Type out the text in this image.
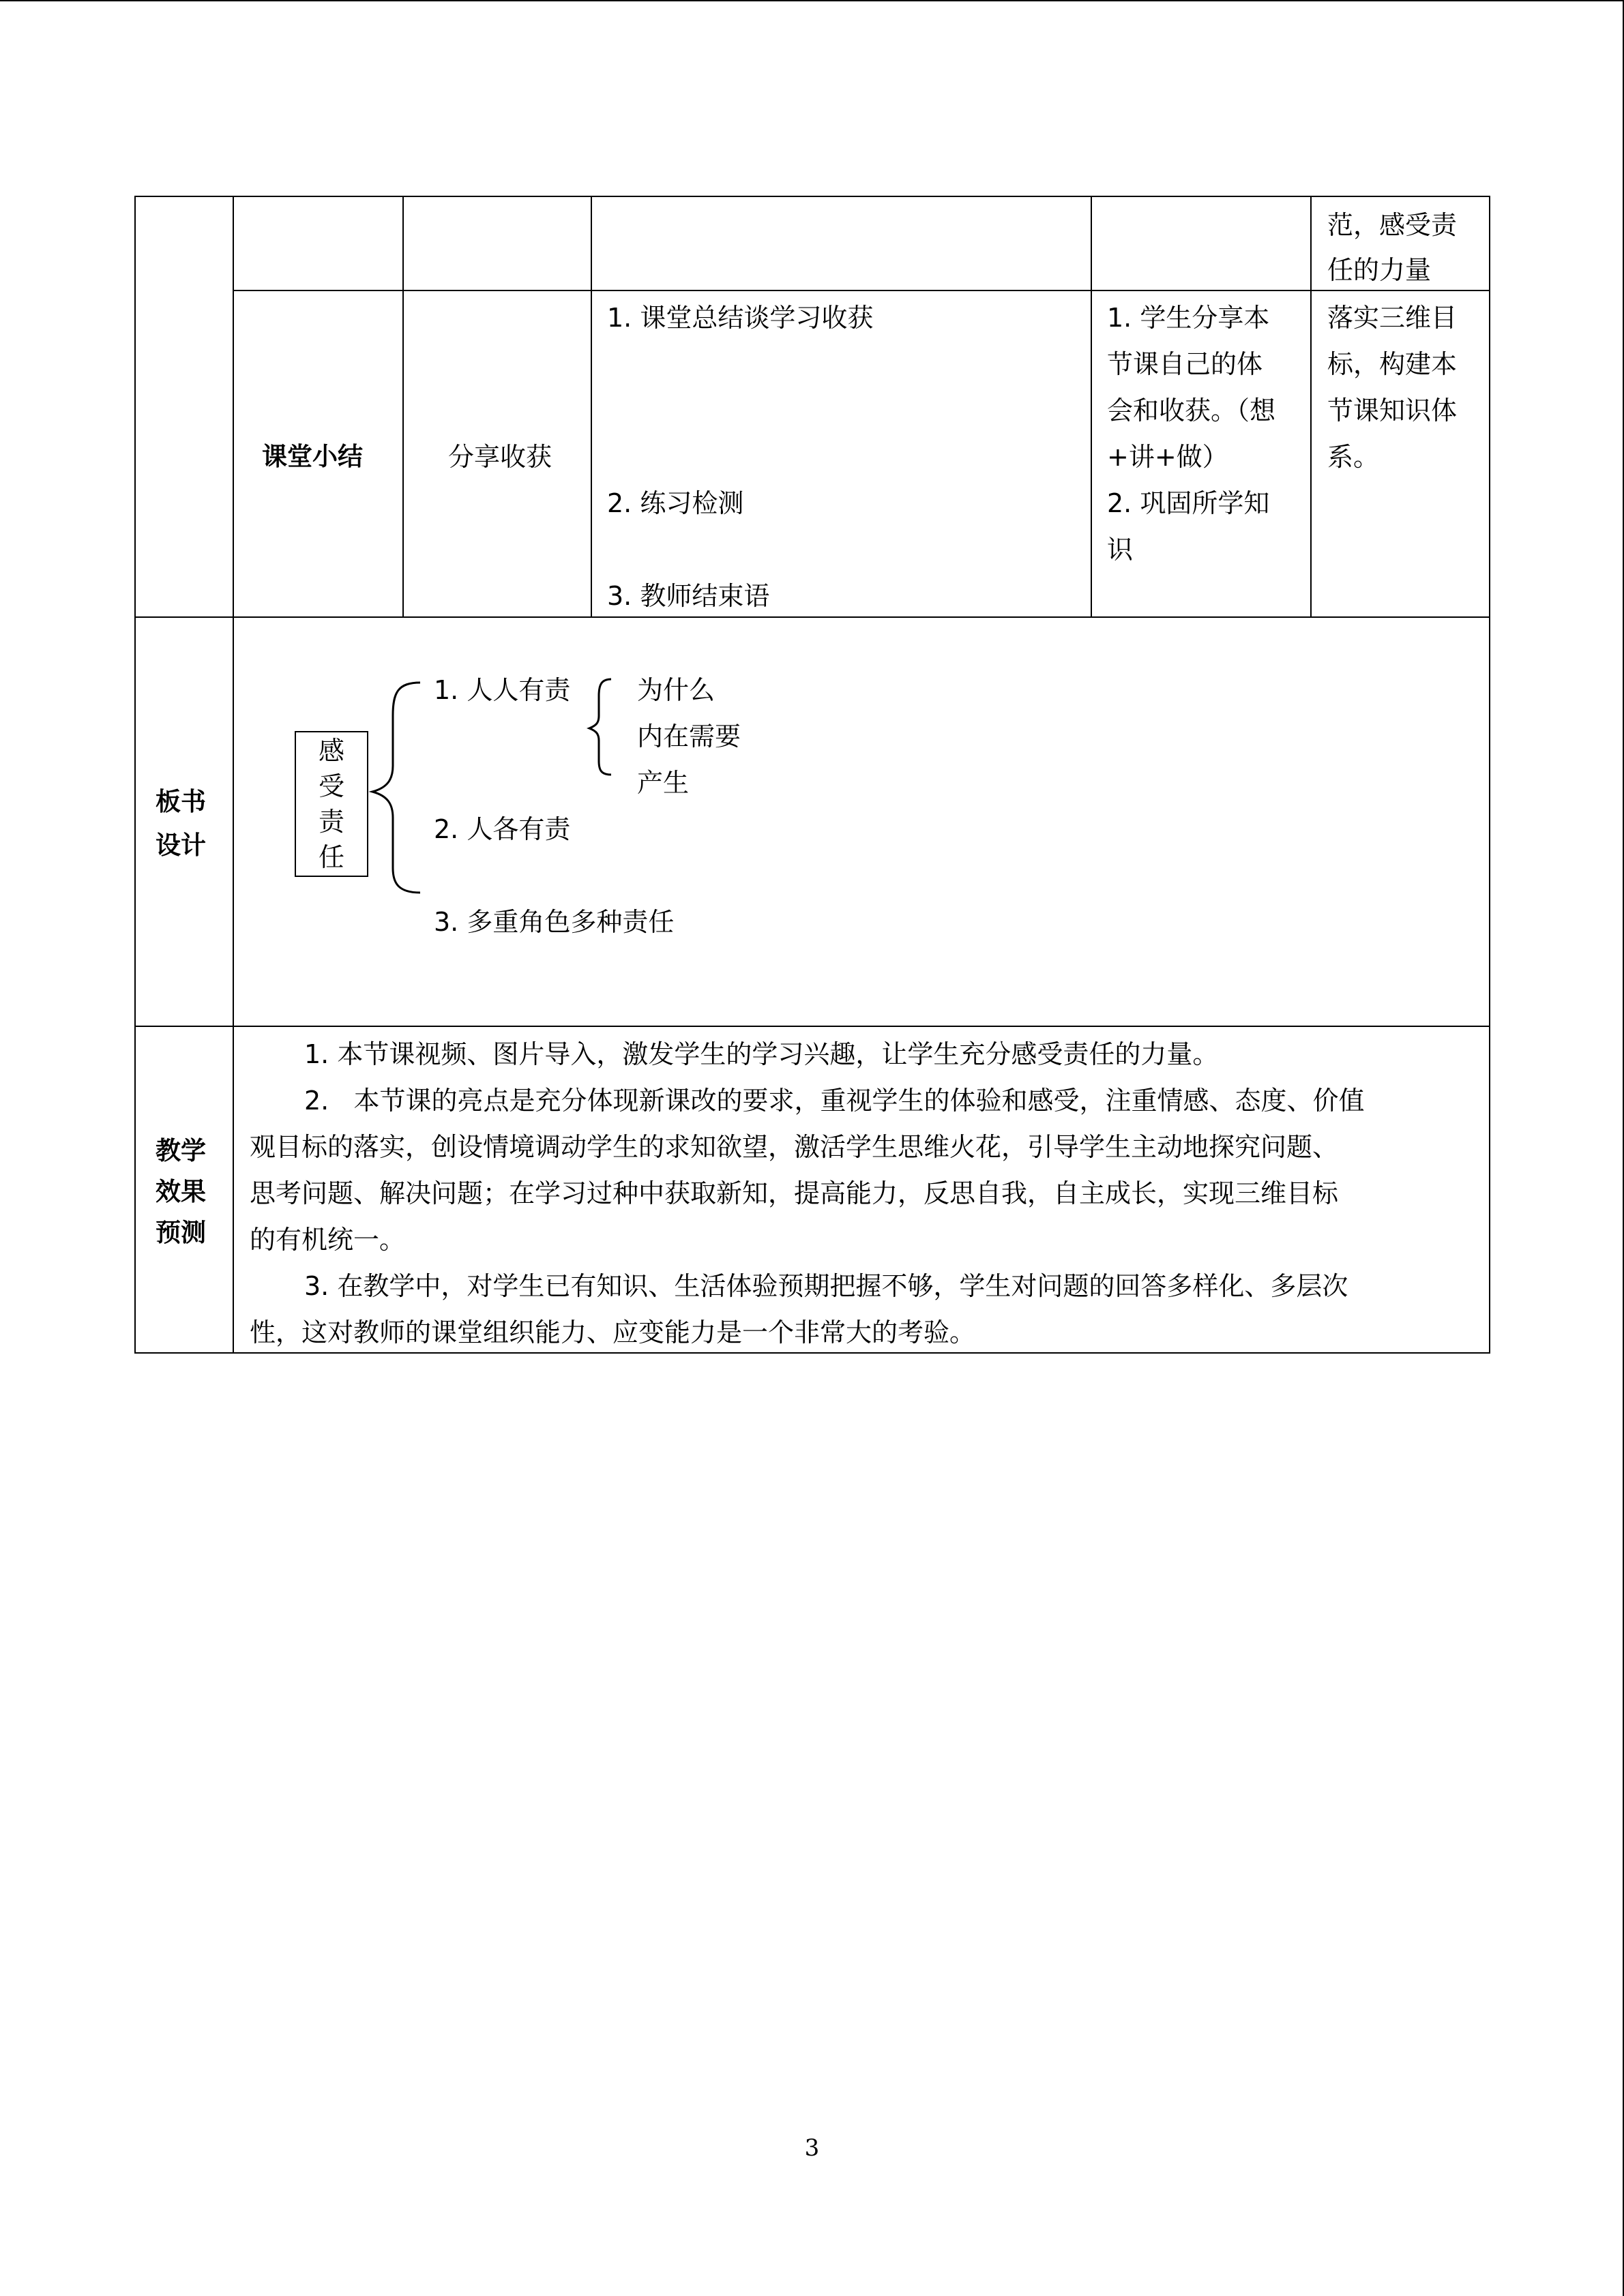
范，感受责
任的力量
课堂小结	分享收获
1. 课堂总结谈学习收获
2. 练习检测
3. 教师结束语
1. 学生分享本
节课自己的体
会和收获。（想
+讲+做）
2. 巩固所学知
识
落实三维目
标，构建本
节课知识体
系。
板书
设计
感
受
责
任
1. 人人有责	为什么
内在需要
产生
2. 人各有责
3. 多重角色多种责任
教学
效果
预测
1. 本节课视频、图片导入，激发学生的学习兴趣，让学生充分感受责任的力量。
2.   本节课的亮点是充分体现新课改的要求，重视学生的体验和感受，注重情感、态度、价值
观目标的落实，创设情境调动学生的求知欲望，激活学生思维火花，引导学生主动地探究问题、
思考问题、解决问题；在学习过种中获取新知，提高能力，反思自我，自主成长，实现三维目标
的有机统一。
3. 在教学中，对学生已有知识、生活体验预期把握不够，学生对问题的回答多样化、多层次
性，这对教师的课堂组织能力、应变能力是一个非常大的考验。
3
